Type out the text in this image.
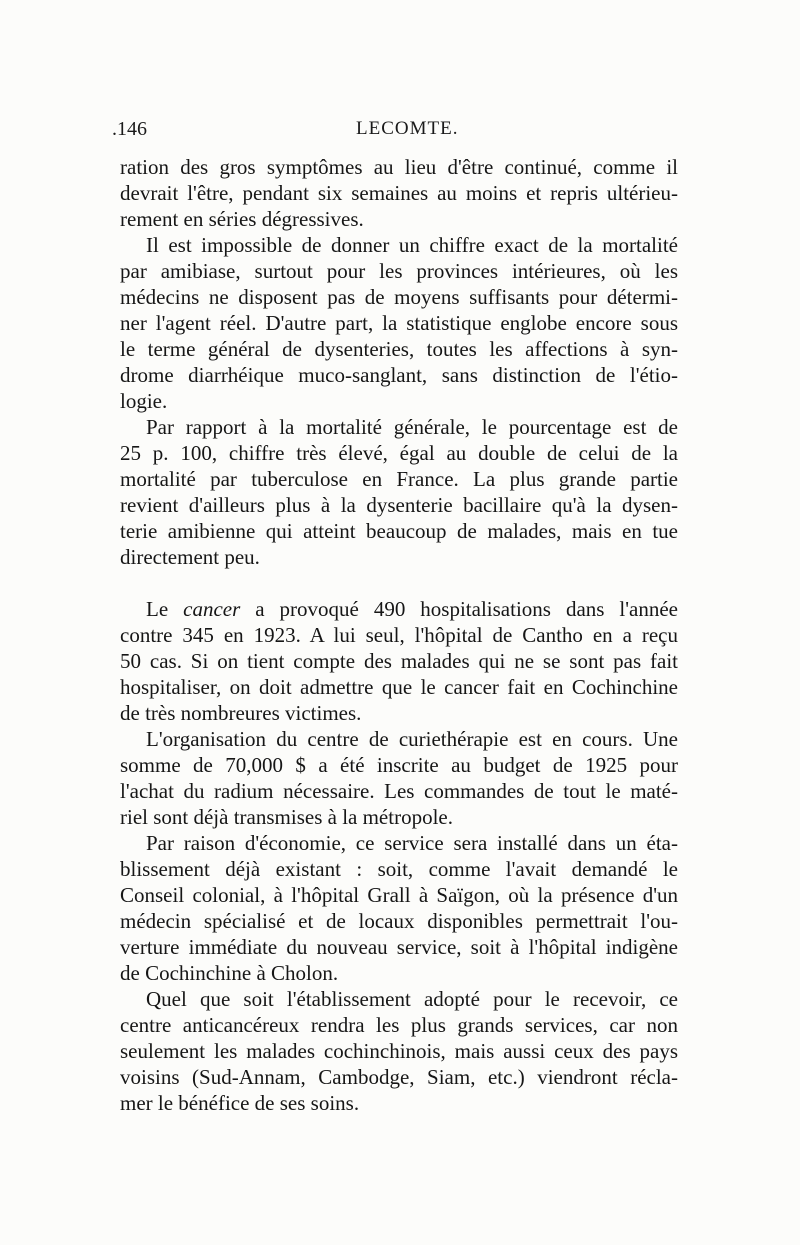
.146	LECOMTE.

ration des gros symptômes au lieu d'être continué, comme il
devrait l'être, pendant six semaines au moins et repris ultérieu-
rement en séries dégressives.

Il est impossible de donner un chiffre exact de la mortalité
par amibiase, surtout pour les provinces intérieures, où les
médecins ne disposent pas de moyens suffisants pour détermi-
ner l'agent réel. D'autre part, la statistique englobe encore sous
le terme général de dysenteries, toutes les affections à syn-
drome diarrhéique muco-sanglant, sans distinction de l'étio-
logie.

Par rapport à la mortalité générale, le pourcentage est de
25 p. 100, chiffre très élevé, égal au double de celui de la
mortalité par tuberculose en France. La plus grande partie
revient d'ailleurs plus à la dysenterie bacillaire qu'à la dysen-
terie amibienne qui atteint beaucoup de malades, mais en tue
directement peu.

Le cancer a provoqué 490 hospitalisations dans l'année
contre 345 en 1923. A lui seul, l'hôpital de Cantho en a reçu
50 cas. Si on tient compte des malades qui ne se sont pas fait
hospitaliser, on doit admettre que le cancer fait en Cochinchine
de très nombreures victimes.

L'organisation du centre de curiethérapie est en cours. Une
somme de 70,000 $ a été inscrite au budget de 1925 pour
l'achat du radium nécessaire. Les commandes de tout le maté-
riel sont déjà transmises à la métropole.

Par raison d'économie, ce service sera installé dans un éta-
blissement déjà existant : soit, comme l'avait demandé le
Conseil colonial, à l'hôpital Grall à Saïgon, où la présence d'un
médecin spécialisé et de locaux disponibles permettrait l'ou-
verture immédiate du nouveau service, soit à l'hôpital indigène
de Cochinchine à Cholon.

Quel que soit l'établissement adopté pour le recevoir, ce
centre anticancéreux rendra les plus grands services, car non
seulement les malades cochinchinois, mais aussi ceux des pays
voisins (Sud-Annam, Cambodge, Siam, etc.) viendront récla-
mer le bénéfice de ses soins.
